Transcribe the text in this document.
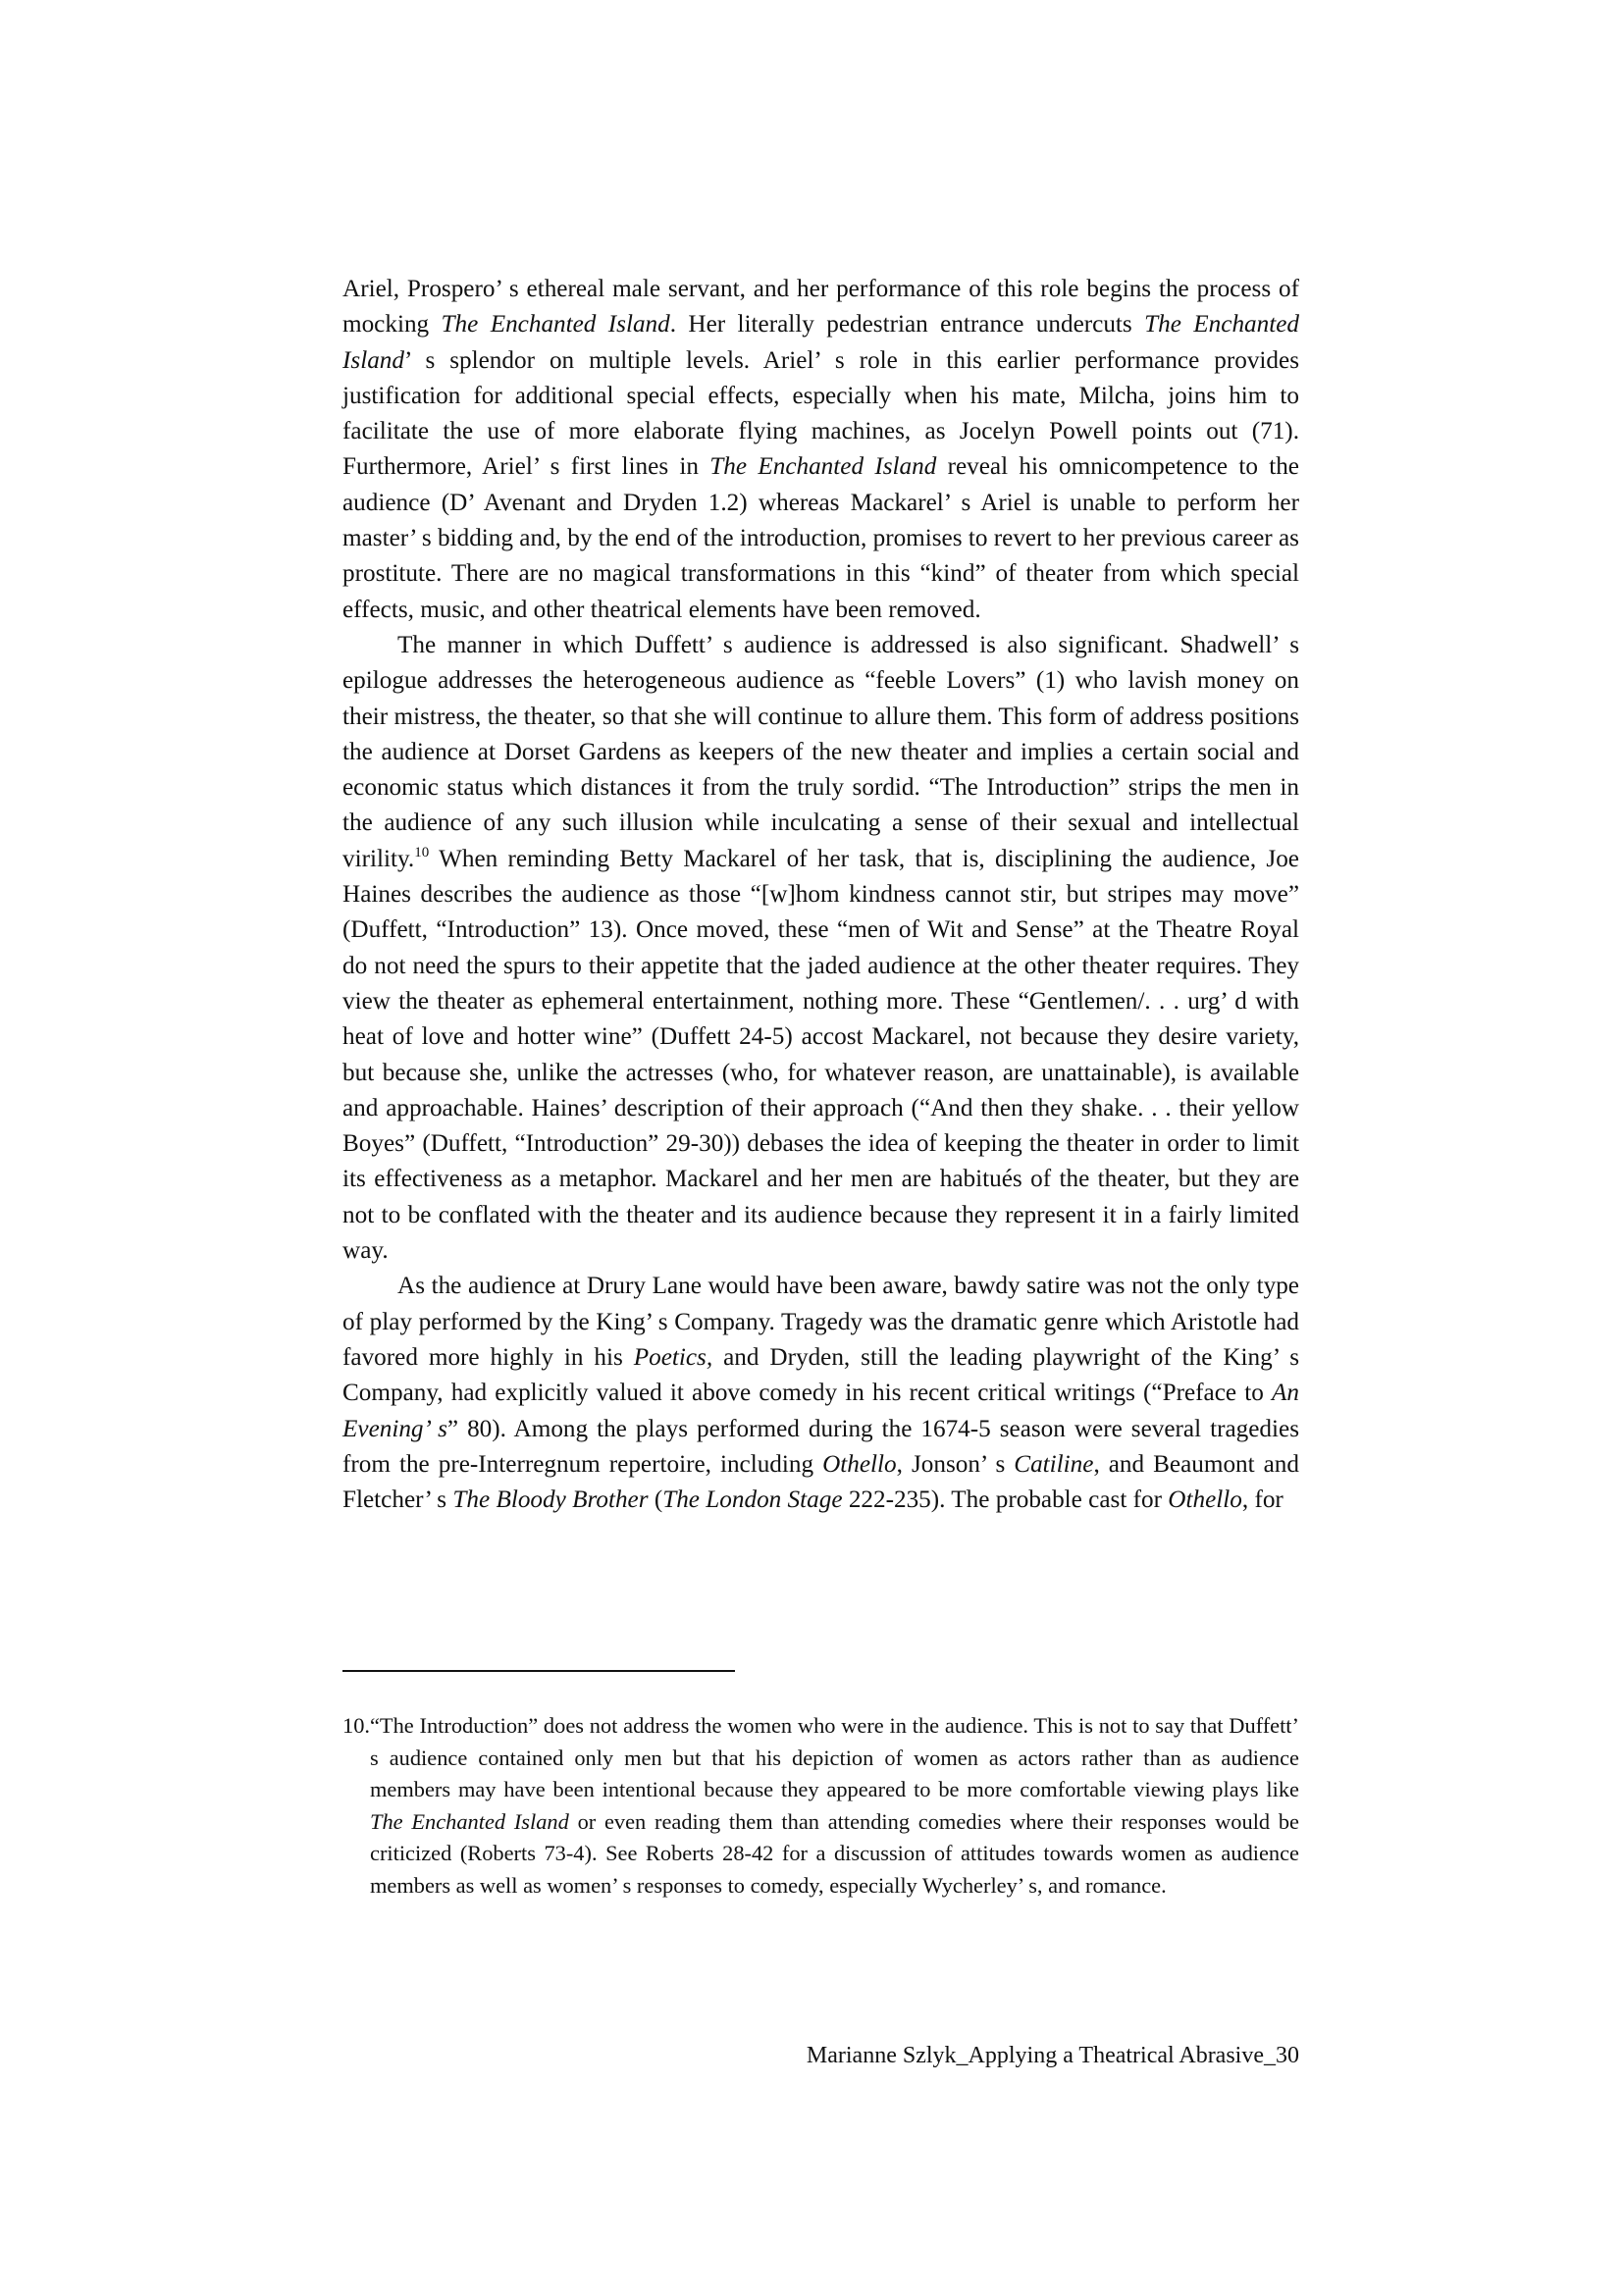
Ariel, Prospero’ s ethereal male servant, and her performance of this role begins the process of mocking The Enchanted Island. Her literally pedestrian entrance undercuts The Enchanted Island’ s splendor on multiple levels. Ariel’ s role in this earlier performance provides justification for additional special effects, especially when his mate, Milcha, joins him to facilitate the use of more elaborate flying machines, as Jocelyn Powell points out (71). Furthermore, Ariel’ s first lines in The Enchanted Island reveal his omnicompetence to the audience (D’ Avenant and Dryden 1.2) whereas Mackarel’ s Ariel is unable to perform her master’ s bidding and, by the end of the introduction, promises to revert to her previous career as prostitute. There are no magical transformations in this “kind” of theater from which special effects, music, and other theatrical elements have been removed.

The manner in which Duffett’ s audience is addressed is also significant. Shadwell’ s epilogue addresses the heterogeneous audience as “feeble Lovers” (1) who lavish money on their mistress, the theater, so that she will continue to allure them. This form of address positions the audience at Dorset Gardens as keepers of the new theater and implies a certain social and economic status which distances it from the truly sordid. “The Introduction” strips the men in the audience of any such illusion while inculcating a sense of their sexual and intellectual virility.$^{10}$ When reminding Betty Mackarel of her task, that is, disciplining the audience, Joe Haines describes the audience as those “[w]hom kindness cannot stir, but stripes may move” (Duffett, “Introduction” 13). Once moved, these “men of Wit and Sense” at the Theatre Royal do not need the spurs to their appetite that the jaded audience at the other theater requires. They view the theater as ephemeral entertainment, nothing more. These “Gentlemen/. . . urg’ d with heat of love and hotter wine” (Duffett 24-5) accost Mackarel, not because they desire variety, but because she, unlike the actresses (who, for whatever reason, are unattainable), is available and approachable. Haines’ description of their approach (“And then they shake. . . their yellow Boyes” (Duffett, “Introduction” 29-30)) debases the idea of keeping the theater in order to limit its effectiveness as a metaphor. Mackarel and her men are habitués of the theater, but they are not to be conflated with the theater and its audience because they represent it in a fairly limited way.

As the audience at Drury Lane would have been aware, bawdy satire was not the only type of play performed by the King’ s Company. Tragedy was the dramatic genre which Aristotle had favored more highly in his Poetics, and Dryden, still the leading playwright of the King’ s Company, had explicitly valued it above comedy in his recent critical writings (“Preface to An Evening’ s” 80). Among the plays performed during the 1674-5 season were several tragedies from the pre-Interregnum repertoire, including Othello, Jonson’ s Catiline, and Beaumont and Fletcher’ s The Bloody Brother (The London Stage 222-235). The probable cast for Othello, for

10.“The Introduction” does not address the women who were in the audience. This is not to say that Duffett’ s audience contained only men but that his depiction of women as actors rather than as audience members may have been intentional because they appeared to be more comfortable viewing plays like The Enchanted Island or even reading them than attending comedies where their responses would be criticized (Roberts 73-4). See Roberts 28-42 for a discussion of attitudes towards women as audience members as well as women’ s responses to comedy, especially Wycherley’ s, and romance.
Marianne Szlyk_Applying a Theatrical Abrasive_30
